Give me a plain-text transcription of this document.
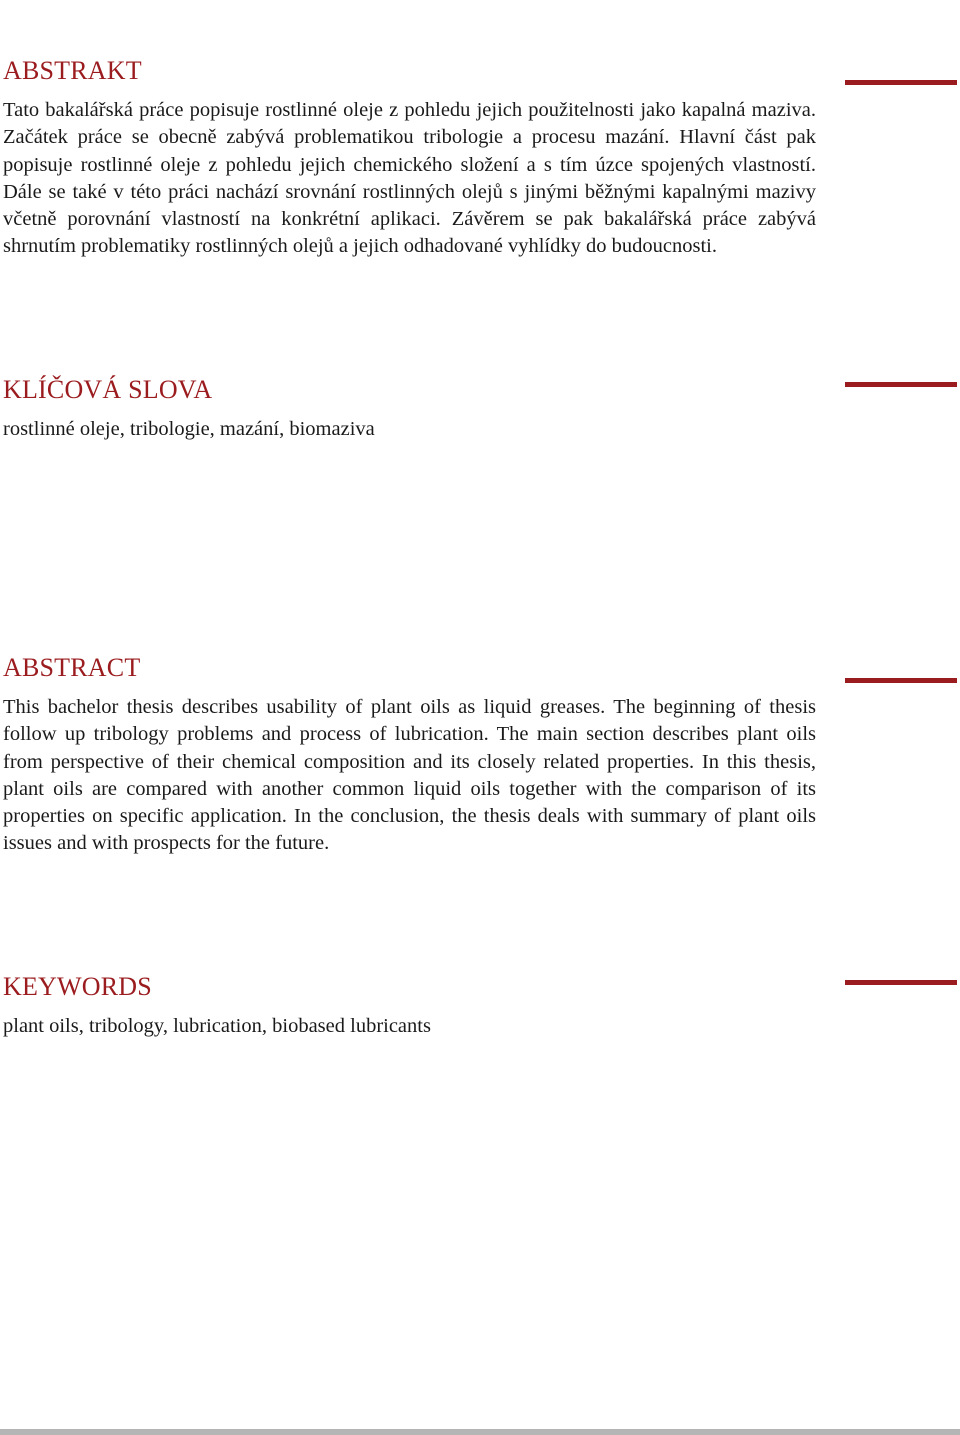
ABSTRAKT

Tato bakalářská práce popisuje rostlinné oleje z pohledu jejich použitelnosti jako kapalná maziva. Začátek práce se obecně zabývá problematikou tribologie a procesu mazání. Hlavní část pak popisuje rostlinné oleje z pohledu jejich chemického složení a s tím úzce spojených vlastností. Dále se také v této práci nachází srovnání rostlinných olejů s jinými běžnými kapalnými mazivy včetně porovnání vlastností na konkrétní aplikaci. Závěrem se pak bakalářská práce zabývá shrnutím problematiky rostlinných olejů a jejich odhadované vyhlídky do budoucnosti.

KLÍČOVÁ SLOVA

rostlinné oleje, tribologie, mazání, biomaziva

ABSTRACT

This bachelor thesis describes usability of plant oils as liquid greases. The beginning of thesis follow up tribology problems and process of lubrication. The main section describes plant oils from perspective of their chemical composition and its closely related properties. In this thesis, plant oils are compared with another common liquid oils together with the comparison of its properties on specific application. In the conclusion, the thesis deals with summary of plant oils issues and with prospects for the future.

KEYWORDS

plant oils, tribology, lubrication, biobased lubricants
